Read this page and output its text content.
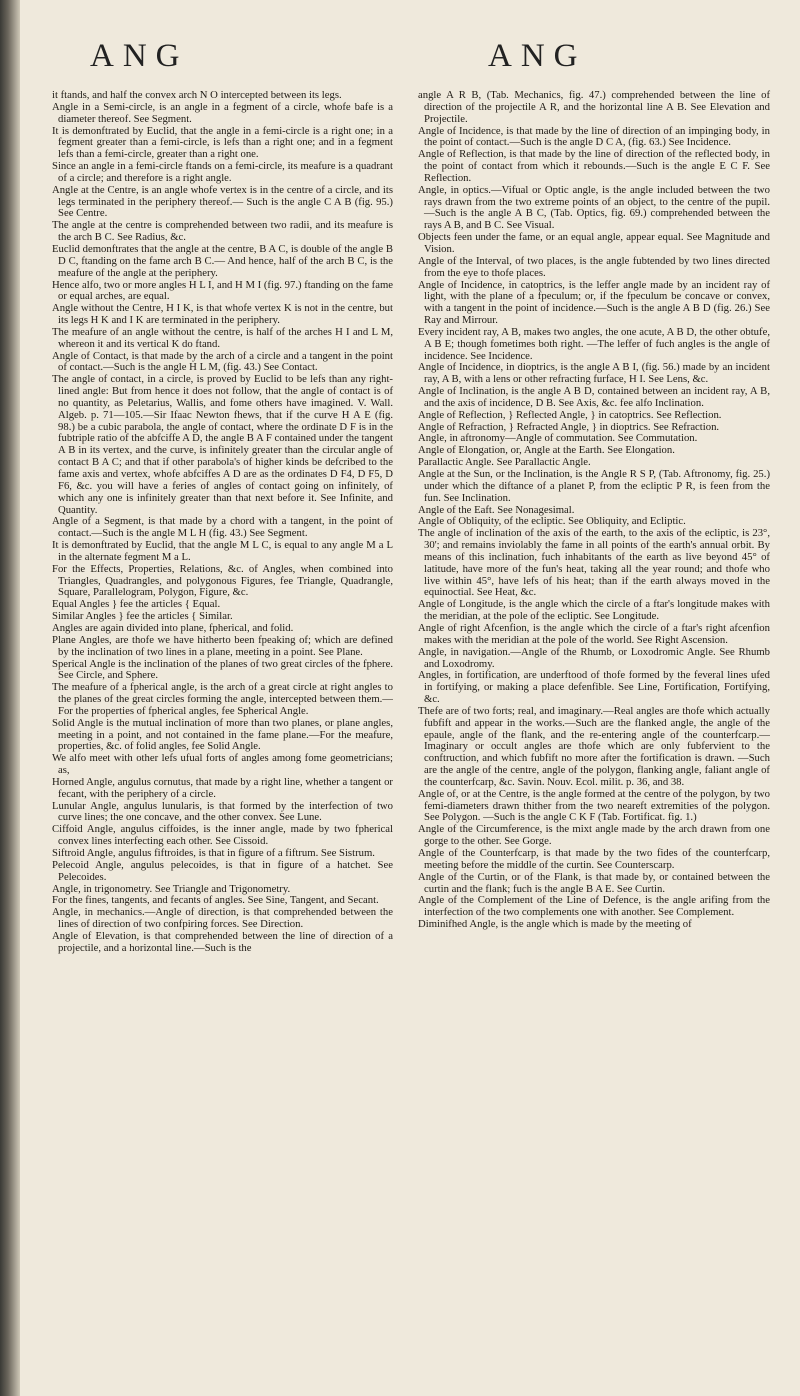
ANG	ANG

it ftands, and half the convex arch N O intercepted between its legs.

Angle in a Semi-circle, is an angle in a fegment of a circle, whofe bafe is a diameter thereof. See Segment.

It is demonftrated by Euclid, that the angle in a femi-circle is a right one; in a fegment greater than a femi-circle, is lefs than a right one; and in a fegment lefs than a femi-circle, greater than a right one.

Since an angle in a femi-circle ftands on a femi-circle, its meafure is a quadrant of a circle; and therefore is a right angle.

Angle at the Centre, is an angle whofe vertex is in the centre of a circle, and its legs terminated in the periphery thereof.— Such is the angle C A B (fig. 95.) See Centre.

The angle at the centre is comprehended between two radii, and its meafure is the arch B C. See Radius, &c.

Euclid demonftrates that the angle at the centre, B A C, is double of the angle B D C, ftanding on the fame arch B C.— And hence, half of the arch B C, is the meafure of the angle at the periphery.

Hence alfo, two or more angles H L I, and H M I (fig. 97.) ftanding on the fame or equal arches, are equal.

Angle without the Centre, H I K, is that whofe vertex K is not in the centre, but its legs H K and I K are terminated in the periphery.

The meafure of an angle without the centre, is half of the arches H I and L M, whereon it and its vertical K do ftand.

Angle of Contact, is that made by the arch of a circle and a tangent in the point of contact.—Such is the angle H L M, (fig. 43.) See Contact.

The angle of contact, in a circle, is proved by Euclid to be lefs than any right-lined angle: But from hence it does not follow, that the angle of contact is of no quantity, as Peletarius, Wallis, and fome others have imagined. V. Wall. Algeb. p. 71—105.—Sir Ifaac Newton fhews, that if the curve H A E (fig. 98.) be a cubic parabola, the angle of contact, where the ordinate D F is in the fubtriple ratio of the abfciffe A D, the angle B A F contained under the tangent A B in its vertex, and the curve, is infinitely greater than the circular angle of contact B A C; and that if other parabola's of higher kinds be defcribed to the fame axis and vertex, whofe abfciffes A D are as the ordinates D F4, D F5, D F6, &c. you will have a feries of angles of contact going on infinitely, of which any one is infinitely greater than that next before it. See Infinite, and Quantity.

Angle of a Segment, is that made by a chord with a tangent, in the point of contact.—Such is the angle M L H (fig. 43.) See Segment.

It is demonftrated by Euclid, that the angle M L C, is equal to any angle M a L in the alternate fegment M a L.

For the Effects, Properties, Relations, &c. of Angles, when combined into Triangles, Quadrangles, and polygonous Figures, fee Triangle, Quadrangle, Square, Parallelogram, Polygon, Figure, &c.

Equal Angles } fee the articles { Equal.

Similar Angles } fee the articles { Similar.

Angles are again divided into plane, fpherical, and folid.

Plane Angles, are thofe we have hitherto been fpeaking of; which are defined by the inclination of two lines in a plane, meeting in a point. See Plane.

Sperical Angle is the inclination of the planes of two great circles of the fphere. See Circle, and Sphere.

The meafure of a fpherical angle, is the arch of a great circle at right angles to the planes of the great circles forming the angle, intercepted between them.—For the properties of fpherical angles, fee Spherical Angle.

Solid Angle is the mutual inclination of more than two planes, or plane angles, meeting in a point, and not contained in the fame plane.—For the meafure, properties, &c. of folid angles, fee Solid Angle.

We alfo meet with other lefs ufual forts of angles among fome geometricians; as,

Horned Angle, angulus cornutus, that made by a right line, whether a tangent or fecant, with the periphery of a circle.

Lunular Angle, angulus lunularis, is that formed by the interfection of two curve lines; the one concave, and the other convex. See Lune.

Ciffoid Angle, angulus ciffoides, is the inner angle, made by two fpherical convex lines interfecting each other. See Cissoid.

Siftroid Angle, angulus fiftroides, is that in figure of a fiftrum. See Sistrum.

Pelecoid Angle, angulus pelecoides, is that in figure of a hatchet. See Pelecoides.

Angle, in trigonometry. See Triangle and Trigonometry.

For the fines, tangents, and fecants of angles. See Sine, Tangent, and Secant.

Angle, in mechanics.—Angle of direction, is that comprehended between the lines of direction of two confpiring forces. See Direction.

Angle of Elevation, is that comprehended between the line of direction of a projectile, and a horizontal line.—Such is the

angle A R B, (Tab. Mechanics, fig. 47.) comprehended between the line of direction of the projectile A R, and the horizontal line A B. See Elevation and Projectile.

Angle of Incidence, is that made by the line of direction of an impinging body, in the point of contact.—Such is the angle D C A, (fig. 63.) See Incidence.

Angle of Reflection, is that made by the line of direction of the reflected body, in the point of contact from which it rebounds.—Such is the angle E C F. See Reflection.

Angle, in optics.—Vifual or Optic angle, is the angle included between the two rays drawn from the two extreme points of an object, to the centre of the pupil.—Such is the angle A B C, (Tab. Optics, fig. 69.) comprehended between the rays A B, and B C. See Visual.

Objects feen under the fame, or an equal angle, appear equal. See Magnitude and Vision.

Angle of the Interval, of two places, is the angle fubtended by two lines directed from the eye to thofe places.

Angle of Incidence, in catoptrics, is the leffer angle made by an incident ray of light, with the plane of a fpeculum; or, if the fpeculum be concave or convex, with a tangent in the point of incidence.—Such is the angle A B D (fig. 26.) See Ray and Mirrour.

Every incident ray, A B, makes two angles, the one acute, A B D, the other obtufe, A B E; though fometimes both right. —The leffer of fuch angles is the angle of incidence. See Incidence.

Angle of Incidence, in dioptrics, is the angle A B I, (fig. 56.) made by an incident ray, A B, with a lens or other refracting furface, H I. See Lens, &c.

Angle of Inclination, is the angle A B D, contained between an incident ray, A B, and the axis of incidence, D B. See Axis, &c. fee alfo Inclination.

Angle of Reflection, } Reflected Angle, } in catoptrics. See Reflection.

Angle of Refraction, } Refracted Angle, } in dioptrics. See Refraction.

Angle, in aftronomy—Angle of commutation. See Commutation.

Angle of Elongation, or, Angle at the Earth. See Elongation.

Parallactic Angle. See Parallactic Angle.

Angle at the Sun, or the Inclination, is the Angle R S P, (Tab. Aftronomy, fig. 25.) under which the diftance of a planet P, from the ecliptic P R, is feen from the fun. See Inclination.

Angle of the Eaft. See Nonagesimal.

Angle of Obliquity, of the ecliptic. See Obliquity, and Ecliptic.

The angle of inclination of the axis of the earth, to the axis of the ecliptic, is 23°, 30'; and remains inviolably the fame in all points of the earth's annual orbit. By means of this inclination, fuch inhabitants of the earth as live beyond 45° of latitude, have more of the fun's heat, taking all the year round; and thofe who live within 45°, have lefs of his heat; than if the earth always moved in the equinoctial. See Heat, &c.

Angle of Longitude, is the angle which the circle of a ftar's longitude makes with the meridian, at the pole of the ecliptic. See Longitude.

Angle of right Afcenfion, is the angle which the circle of a ftar's right afcenfion makes with the meridian at the pole of the world. See Right Ascension.

Angle, in navigation.—Angle of the Rhumb, or Loxodromic Angle. See Rhumb and Loxodromy.

Angles, in fortification, are underftood of thofe formed by the feveral lines ufed in fortifying, or making a place defenfible. See Line, Fortification, Fortifying, &c.

Thefe are of two forts; real, and imaginary.—Real angles are thofe which actually fubfift and appear in the works.—Such are the flanked angle, the angle of the epaule, angle of the flank, and the re-entering angle of the counterfcarp.—Imaginary or occult angles are thofe which are only fubfervient to the conftruction, and which fubfift no more after the fortification is drawn. —Such are the angle of the centre, angle of the polygon, flanking angle, faliant angle of the counterfcarp, &c. Savin. Nouv. Ecol. milit. p. 36, and 38.

Angle of, or at the Centre, is the angle formed at the centre of the polygon, by two femi-diameters drawn thither from the two neareft extremities of the polygon. See Polygon. —Such is the angle C K F (Tab. Fortificat. fig. 1.)

Angle of the Circumference, is the mixt angle made by the arch drawn from one gorge to the other. See Gorge.

Angle of the Counterfcarp, is that made by the two fides of the counterfcarp, meeting before the middle of the curtin. See Counterscarp.

Angle of the Curtin, or of the Flank, is that made by, or contained between the curtin and the flank; fuch is the angle B A E. See Curtin.

Angle of the Complement of the Line of Defence, is the angle arifing from the interfection of the two complements one with another. See Complement.

Diminifhed Angle, is the angle which is made by the meeting of
